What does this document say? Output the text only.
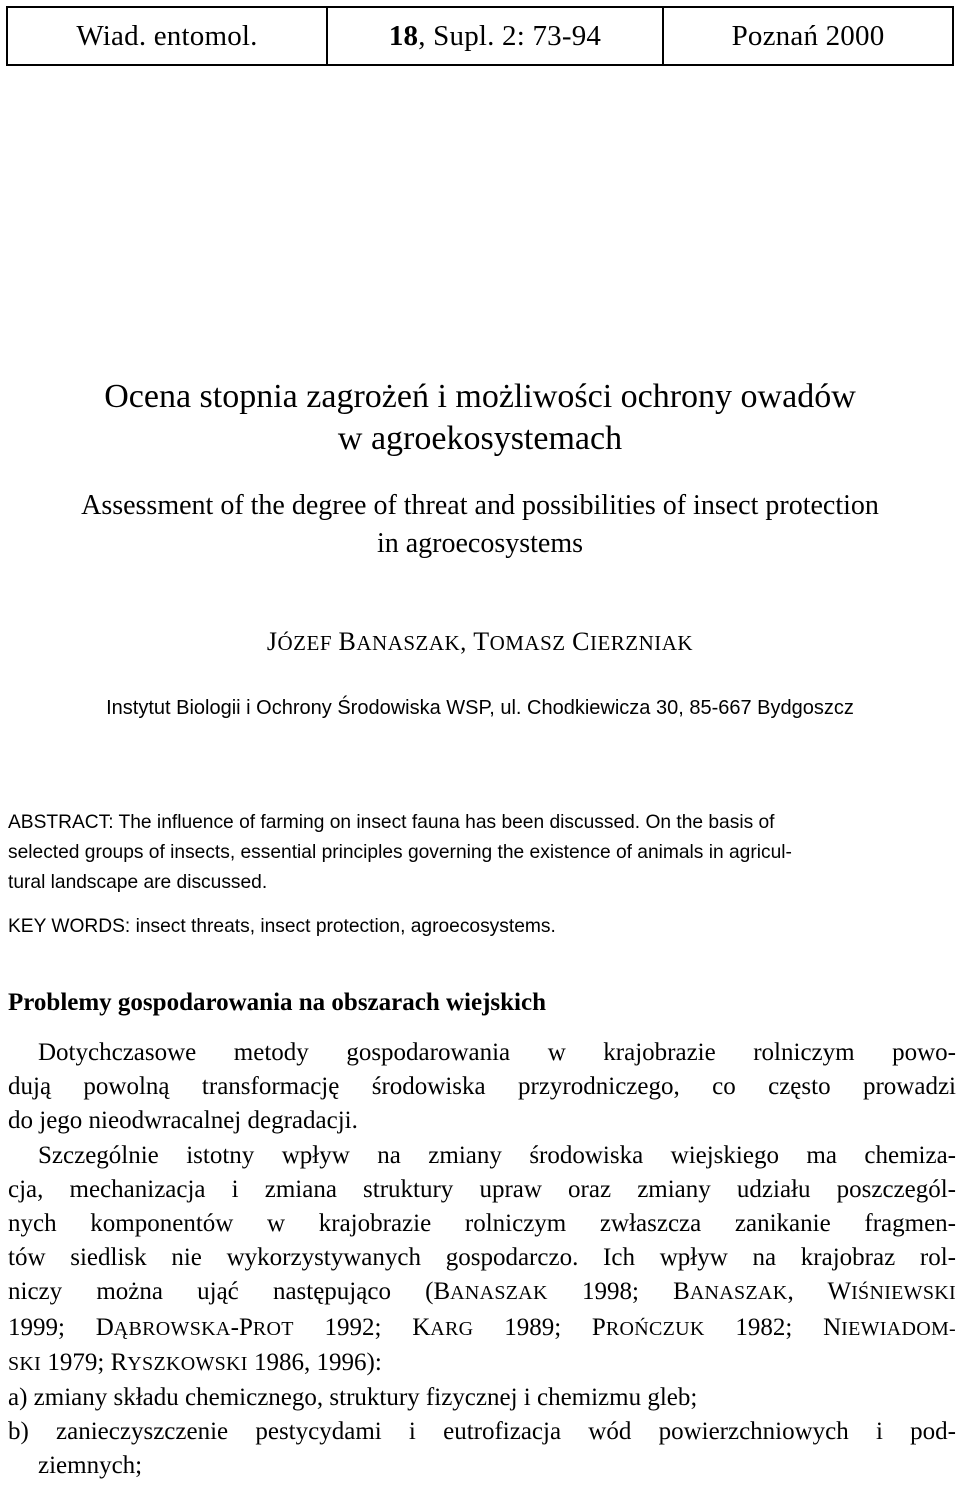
Wiad. entomol.	18 , Supl. 2: 73-94	Poznań 2000
Ocena stopnia zagrożeń i możliwości ochrony owadów
w agroekosystemach
Assessment of the degree of threat and possibilities of insect protection
in agroecosystems
JÓZEF BANASZAK, TOMASZ CIERZNIAK
Instytut Biologii i Ochrony Środowiska WSP, ul. Chodkiewicza 30, 85-667 Bydgoszcz
ABSTRACT: The influence of farming on insect fauna has been discussed. On the basis of
selected groups of insects, essential principles governing the existence of animals in agricul-
tural landscape are discussed.
KEY WORDS: insect threats, insect protection, agroecosystems.
Problemy gospodarowania na obszarach wiejskich
Dotychczasowe metody gospodarowania w krajobrazie rolniczym powo-
dują powolną transformację środowiska przyrodniczego, co często prowadzi
do jego nieodwracalnej degradacji.
Szczególnie istotny wpływ na zmiany środowiska wiejskiego ma chemiza-
cja, mechanizacja i zmiana struktury upraw oraz zmiany udziału poszczegól-
nych komponentów w krajobrazie rolniczym zwłaszcza zanikanie fragmen-
tów siedlisk nie wykorzystywanych gospodarczo. Ich wpływ na krajobraz rol-
niczy można ująć następująco (BANASZAK 1998; BANASZAK, WIŚNIEWSKI
1999; DĄBROWSKA-PROT 1992; KARG 1989; PROŃCZUK 1982; NIEWIADOM-
SKI 1979; RYSZKOWSKI 1986, 1996):
a) zmiany składu chemicznego, struktury fizycznej i chemizmu gleb;
b) zanieczyszczenie pestycydami i eutrofizacja wód powierzchniowych i pod-
ziemnych;
